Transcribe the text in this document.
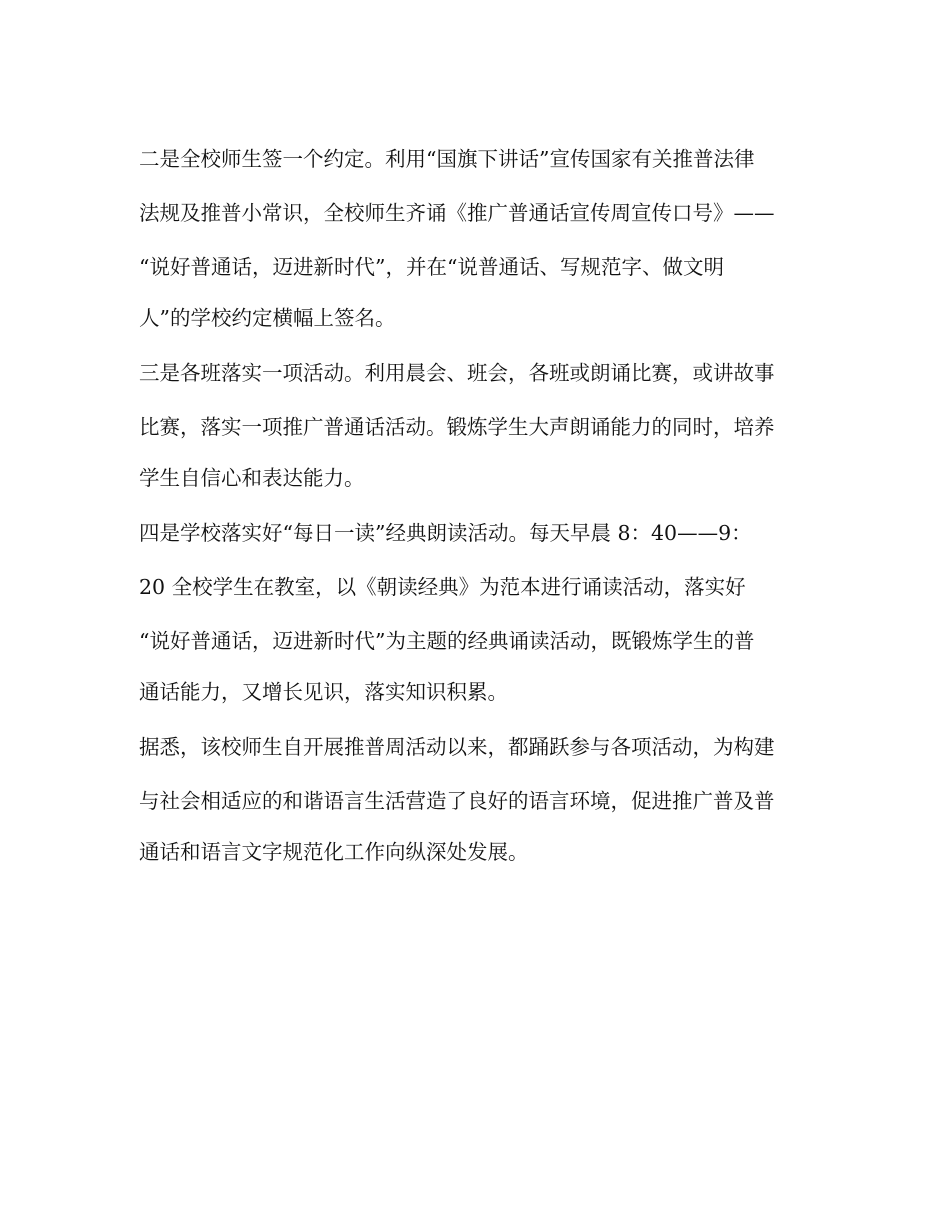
二是全校师生签一个约定。利用“国旗下讲话”宣传国家有关推普法律
法规及推普小常识，全校师生齐诵《推广普通话宣传周宣传口号》——
“说好普通话，迈进新时代”，并在“说普通话、写规范字、做文明
人”的学校约定横幅上签名。
三是各班落实一项活动。利用晨会、班会，各班或朗诵比赛，或讲故事
比赛，落实一项推广普通话活动。锻炼学生大声朗诵能力的同时，培养
学生自信心和表达能力。
四是学校落实好“每日一读”经典朗读活动。每天早晨 8：40——9：
20 全校学生在教室，以《朝读经典》为范本进行诵读活动，落实好
“说好普通话，迈进新时代”为主题的经典诵读活动，既锻炼学生的普
通话能力，又增长见识，落实知识积累。
据悉，该校师生自开展推普周活动以来，都踊跃参与各项活动，为构建
与社会相适应的和谐语言生活营造了良好的语言环境，促进推广普及普
通话和语言文字规范化工作向纵深处发展。
